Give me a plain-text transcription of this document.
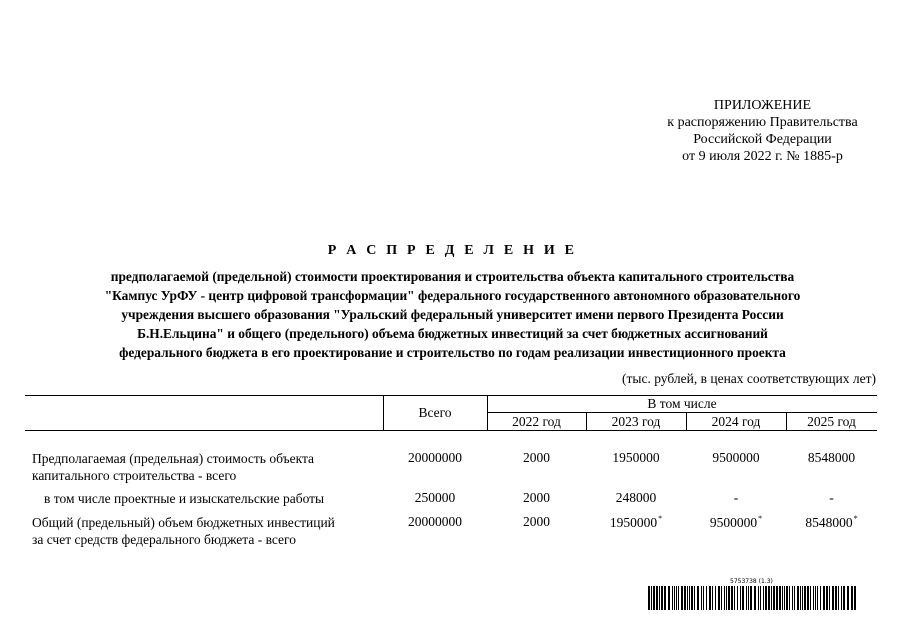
ПРИЛОЖЕНИЕ
к распоряжению Правительства
Российской Федерации
от 9 июля 2022 г. № 1885-р
Р А С П Р Е Д Е Л Е Н И Е
предполагаемой (предельной) стоимости проектирования и строительства объекта капитального строительства
"Кампус УрФУ - центр цифровой трансформации" федерального государственного автономного образовательного
учреждения высшего образования "Уральский федеральный университет имени первого Президента России
Б.Н.Ельцина" и общего (предельного) объема бюджетных инвестиций за счет бюджетных ассигнований
федерального бюджета в его проектирование и строительство по годам реализации инвестиционного проекта
(тыс. рублей, в ценах соответствующих лет)
Всего
В том числе
2022 год	2023 год	2024 год	2025 год
Предполагаемая (предельная) стоимость объекта
капитального строительства - всего
20000000	2000	1950000	9500000	8548000
в том числе проектные и изыскательские работы	250000	2000	248000	-	-
Общий (предельный) объем бюджетных инвестиций
за счет средств федерального бюджета - всего
20000000	2000	1950000*	9500000*	8548000*
5753738 (1.3)
